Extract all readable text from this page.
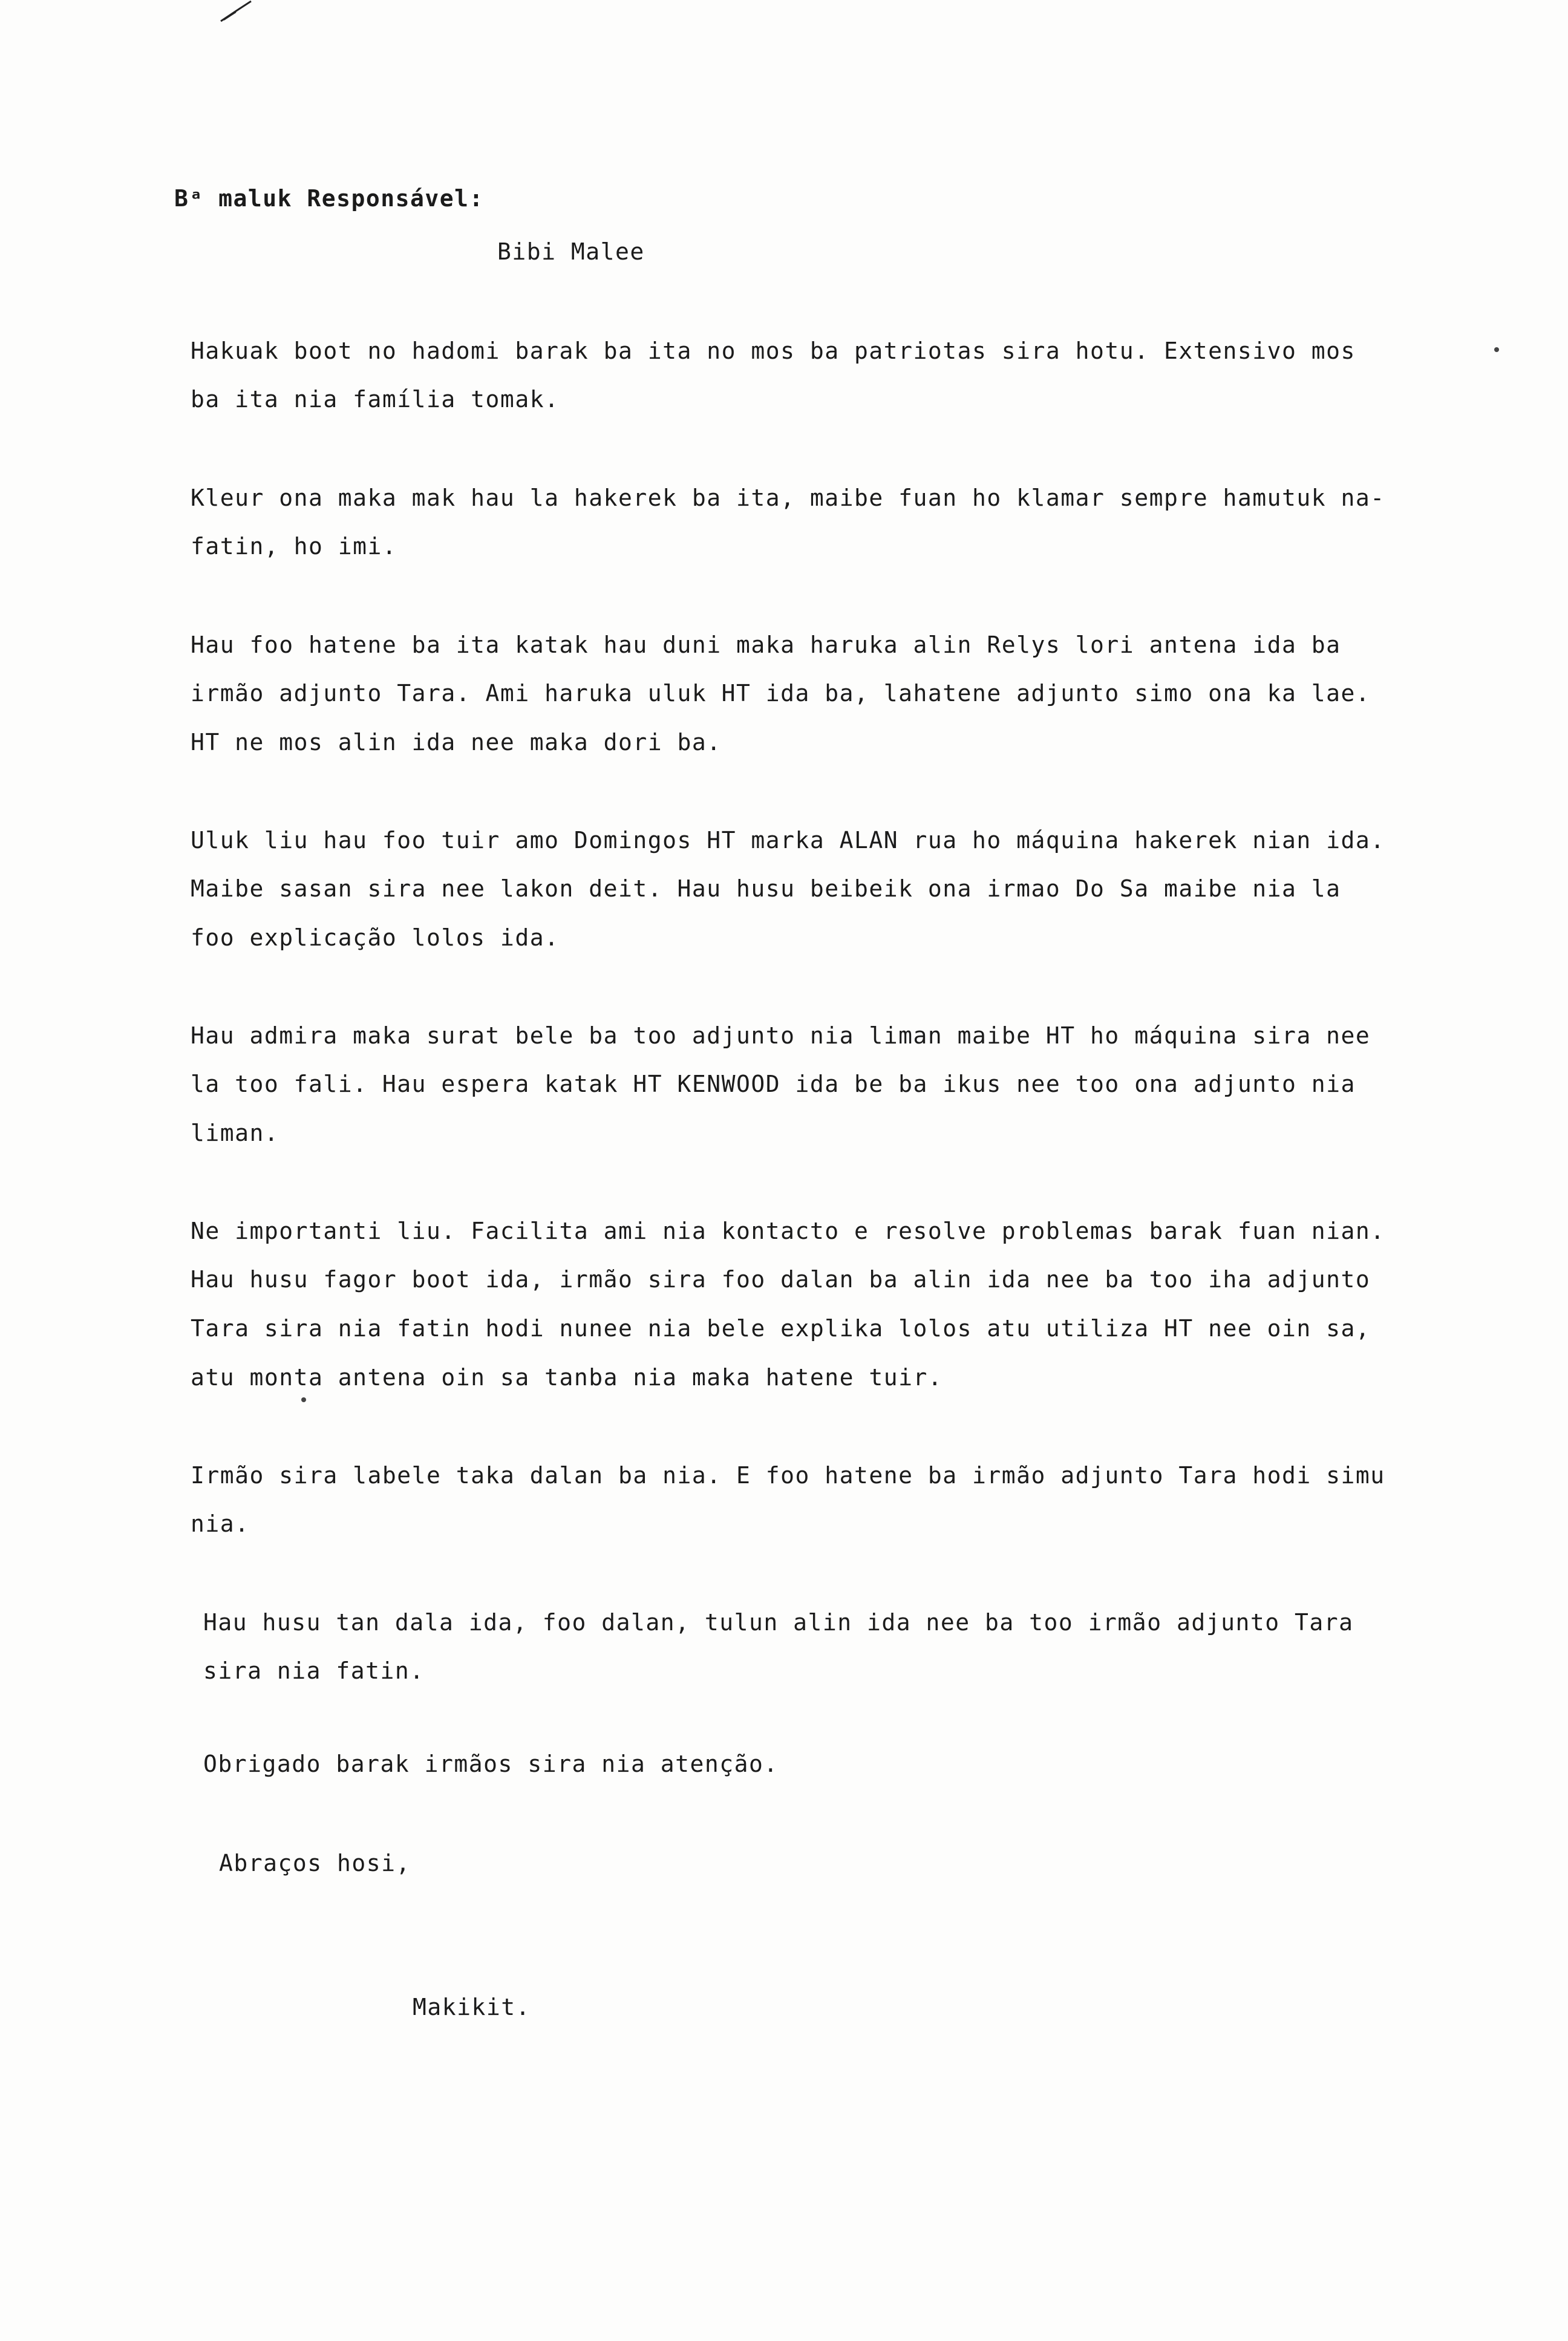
Bᵃ maluk Responsável:
Bibi Malee
Hakuak boot no hadomi barak ba ita no mos ba patriotas sira hotu. Extensivo mos
ba ita nia família tomak.
Kleur ona maka mak hau la hakerek ba ita, maibe fuan ho klamar sempre hamutuk na-
fatin, ho imi.
Hau foo hatene ba ita katak hau duni maka haruka alin Relys lori antena ida ba
irmão adjunto Tara. Ami haruka uluk HT ida ba, lahatene adjunto simo ona ka lae.
HT ne mos alin ida nee maka dori ba.
Uluk liu hau foo tuir amo Domingos HT marka ALAN rua ho máquina hakerek nian ida.
Maibe sasan sira nee lakon deit. Hau husu beibeik ona irmao Do Sa maibe nia la
foo explicação lolos ida.
Hau admira maka surat bele ba too adjunto nia liman maibe HT ho máquina sira nee
la too fali. Hau espera katak HT KENWOOD ida be ba ikus nee too ona adjunto nia
liman.
Ne importanti liu. Facilita ami nia kontacto e resolve problemas barak fuan nian.
Hau husu fagor boot ida, irmão sira foo dalan ba alin ida nee ba too iha adjunto
Tara sira nia fatin hodi nunee nia bele explika lolos atu utiliza HT nee oin sa,
atu monta antena oin sa tanba nia maka hatene tuir.
Irmão sira labele taka dalan ba nia. E foo hatene ba irmão adjunto Tara hodi simu
nia.
Hau husu tan dala ida, foo dalan, tulun alin ida nee ba too irmão adjunto Tara
sira nia fatin.
Obrigado barak irmãos sira nia atenção.
Abraços hosi,
Makikit.
